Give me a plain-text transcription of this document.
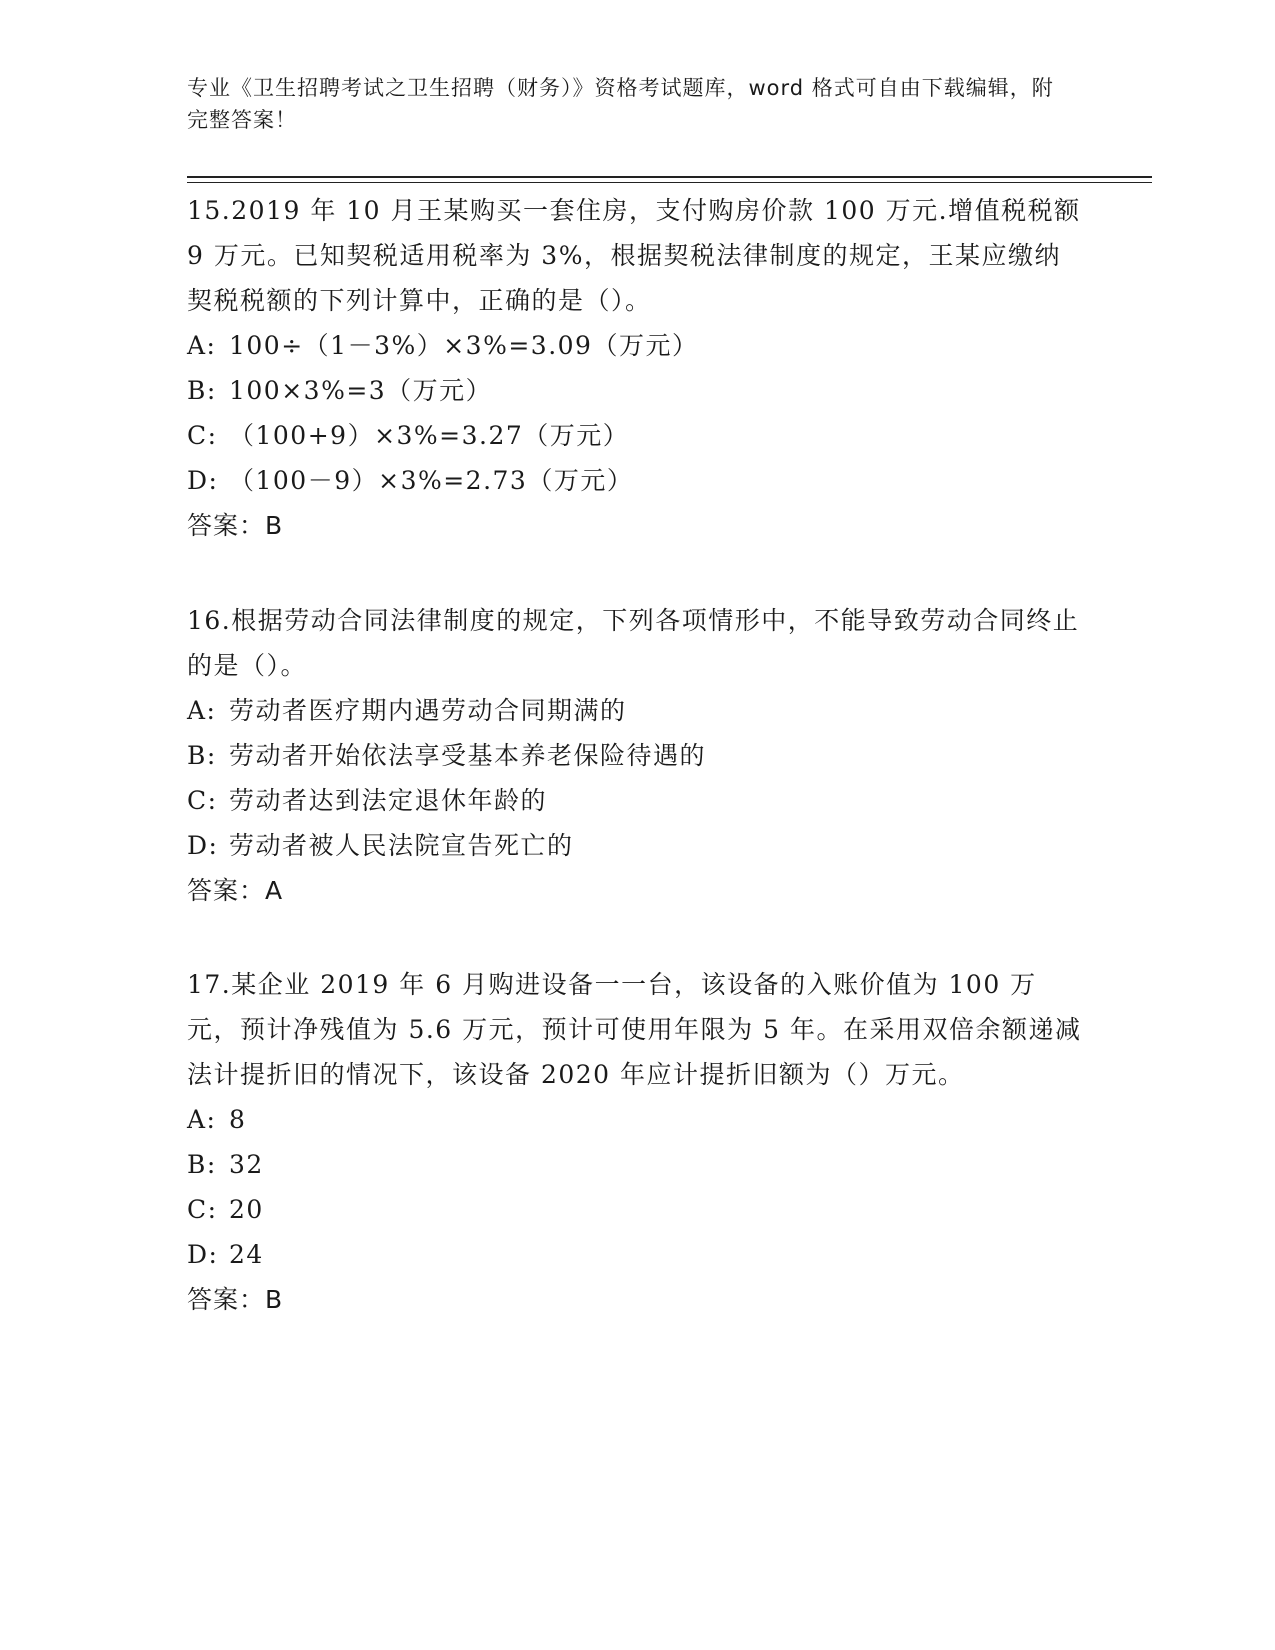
专业《卫生招聘考试之卫生招聘（财务）》资格考试题库，word 格式可自由下载编辑，附完整答案！

15.2019 年 10 月王某购买一套住房，支付购房价款 100 万元.增值税税额 9 万元。已知契税适用税率为 3%，根据契税法律制度的规定，王某应缴纳契税税额的下列计算中，正确的是（）。

A: 100÷（1－3%）×3%=3.09（万元）

B: 100×3%=3（万元）

C: （100+9）×3%=3.27（万元）

D: （100－9）×3%=2.73（万元）

答案：B

16.根据劳动合同法律制度的规定，下列各项情形中，不能导致劳动合同终止的是（）。

A: 劳动者医疗期内遇劳动合同期满的

B: 劳动者开始依法享受基本养老保险待遇的

C: 劳动者达到法定退休年龄的

D: 劳动者被人民法院宣告死亡的

答案：A

17.某企业 2019 年 6 月购进设备一一台，该设备的入账价值为 100 万元，预计净残值为 5.6 万元，预计可使用年限为 5 年。在采用双倍余额递减法计提折旧的情况下，该设备 2020 年应计提折旧额为（）万元。

A: 8

B: 32

C: 20

D: 24

答案：B
